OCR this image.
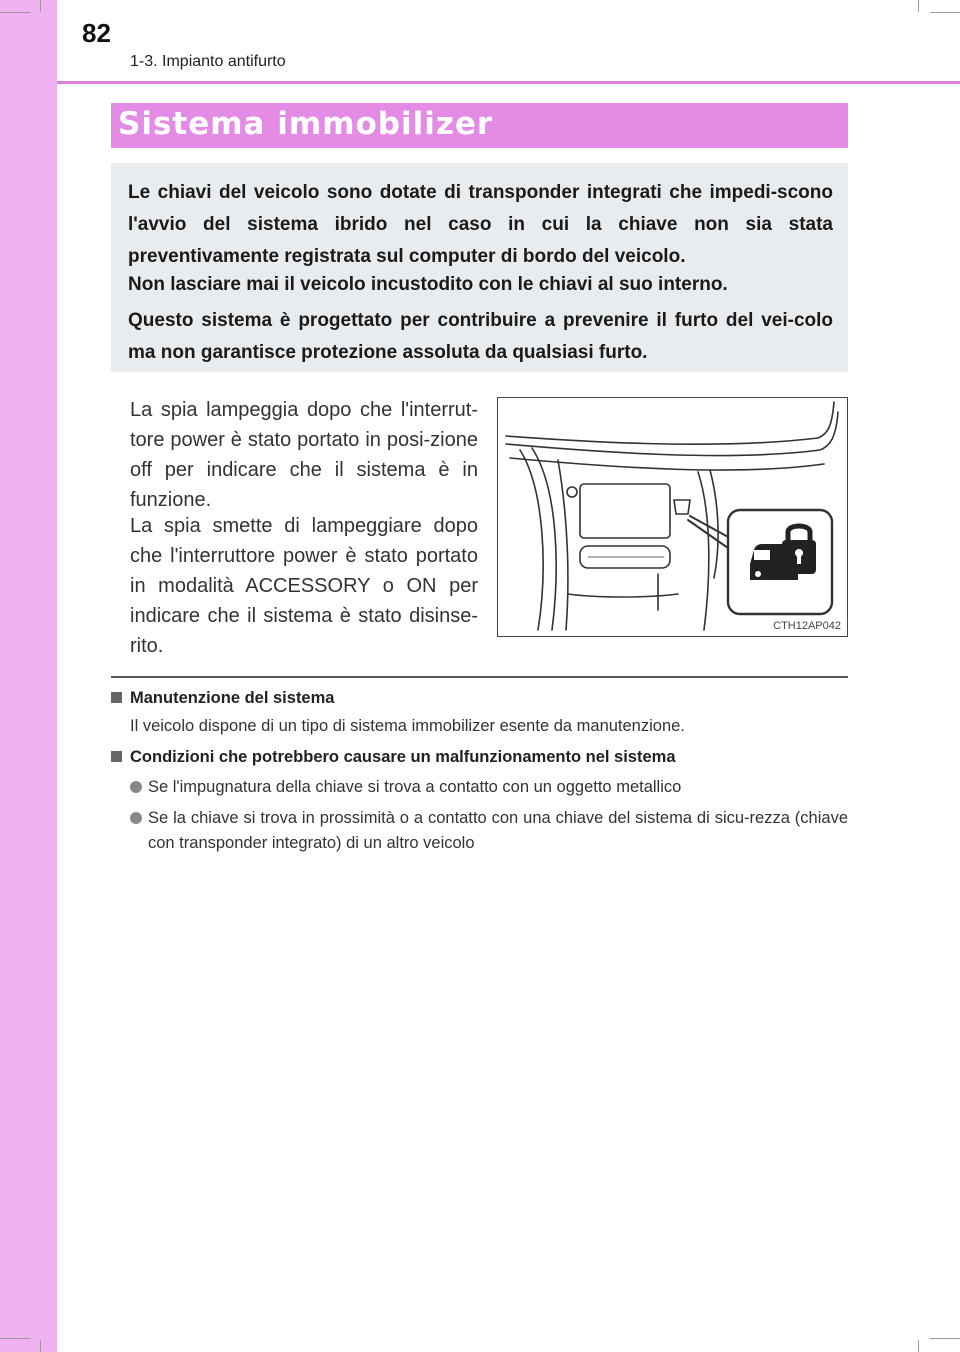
82
1-3. Impianto antifurto
Sistema immobilizer

Le chiavi del veicolo sono dotate di transponder integrati che impedi-scono l'avvio del sistema ibrido nel caso in cui la chiave non sia stata preventivamente registrata sul computer di bordo del veicolo.

Non lasciare mai il veicolo incustodito con le chiavi al suo interno.

Questo sistema è progettato per contribuire a prevenire il furto del vei-colo ma non garantisce protezione assoluta da qualsiasi furto.

La spia lampeggia dopo che l'interrut-tore power è stato portato in posi-zione off per indicare che il sistema è in funzione.

La spia smette di lampeggiare dopo che l'interruttore power è stato portato in modalità ACCESSORY o ON per indicare che il sistema è stato disinse-rito.

CTH12AP042

Manutenzione del sistema

Il veicolo dispone di un tipo di sistema immobilizer esente da manutenzione.

Condizioni che potrebbero causare un malfunzionamento nel sistema

Se l'impugnatura della chiave si trova a contatto con un oggetto metallico
Se la chiave si trova in prossimità o a contatto con una chiave del sistema di sicu-rezza (chiave con transponder integrato) di un altro veicolo
